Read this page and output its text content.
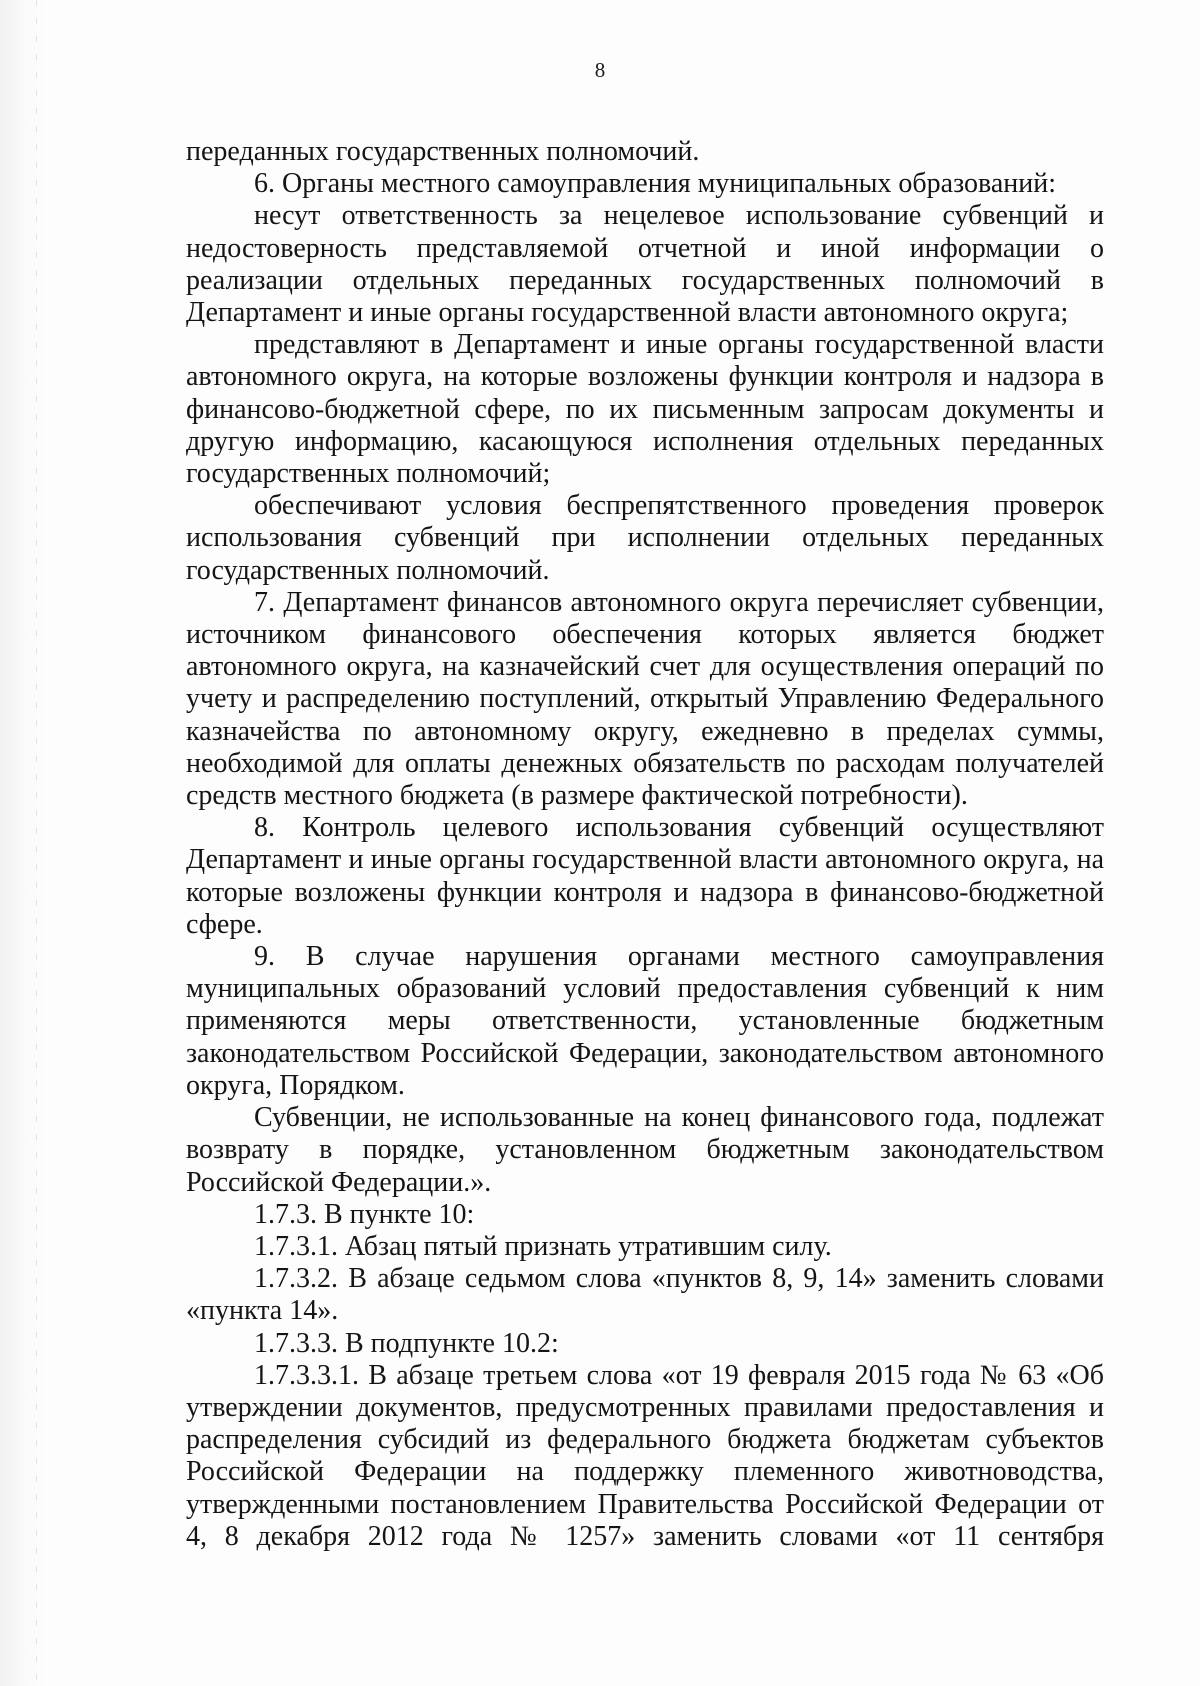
8

переданных государственных полномочий.

6. Органы местного самоуправления муниципальных образований:

несут ответственность за нецелевое использование субвенций и недостоверность представляемой отчетной и иной информации о реализации отдельных переданных государственных полномочий в Департамент и иные органы государственной власти автономного округа;

представляют в Департамент и иные органы государственной власти автономного округа, на которые возложены функции контроля и надзора в финансово-бюджетной сфере, по их письменным запросам документы и другую информацию, касающуюся исполнения отдельных переданных государственных полномочий;

обеспечивают условия беспрепятственного проведения проверок использования субвенций при исполнении отдельных переданных государственных полномочий.

7. Департамент финансов автономного округа перечисляет субвенции, источником финансового обеспечения которых является бюджет автономного округа, на казначейский счет для осуществления операций по учету и распределению поступлений, открытый Управлению Федерального казначейства по автономному округу, ежедневно в пределах суммы, необходимой для оплаты денежных обязательств по расходам получателей средств местного бюджета (в размере фактической потребности).

8. Контроль целевого использования субвенций осуществляют Департамент и иные органы государственной власти автономного округа, на которые возложены функции контроля и надзора в финансово-бюджетной сфере.

9. В случае нарушения органами местного самоуправления муниципальных образований условий предоставления субвенций к ним применяются меры ответственности, установленные бюджетным законодательством Российской Федерации, законодательством автономного округа, Порядком.

Субвенции, не использованные на конец финансового года, подлежат возврату в порядке, установленном бюджетным законодательством Российской Федерации.».

1.7.3. В пункте 10:

1.7.3.1. Абзац пятый признать утратившим силу.

1.7.3.2. В абзаце седьмом слова «пунктов 8, 9, 14» заменить словами «пункта 14».

1.7.3.3. В подпункте 10.2:

1.7.3.3.1. В абзаце третьем слова «от 19 февраля 2015 года № 63 «Об утверждении документов, предусмотренных правилами предоставления и распределения субсидий из федерального бюджета бюджетам субъектов Российской Федерации на поддержку племенного животноводства, утвержденными постановлением Правительства Российской Федерации от 4, 8 декабря 2012 года № 1257» заменить словами «от 11 сентября
